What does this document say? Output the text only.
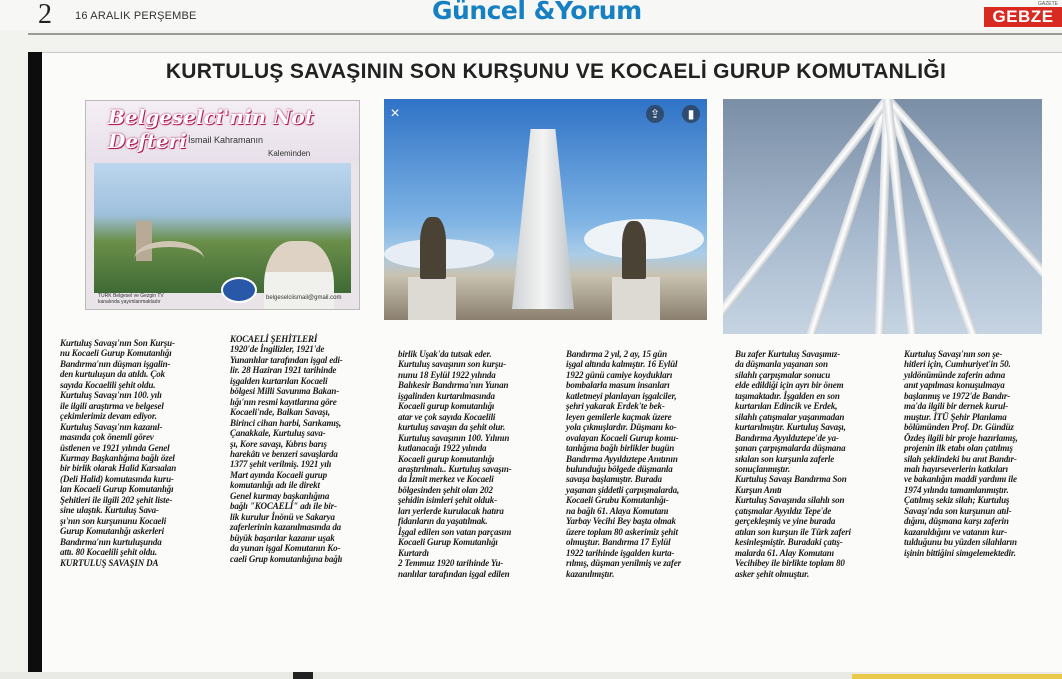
2 16 ARALIK PERŞEMBE	Güncel &Yorum	GAZETE
GEBZE
KURTULUŞ SAVAŞININ SON KURŞUNU VE KOCAELİ GURUP KOMUTANLIĞI
Belgeselci'nin Not Defteri İsmail Kahramanın
Kaleminden
TÜRK Belgesel ve Gezgin TV kanalında yayımlanmaktadır
belgeselciismail@gmail.com
×	⇪	▮
Kurtuluş Savaşı'nın Son Kurşu-
nu Kocaeli Gurup Komutanlığı
Bandırma'nın düşman işgalin-
den kurtuluşun da atıldı. Çok
sayıda Kocaelili şehit oldu.
Kurtuluş Savaşı'nın 100. yılı
ile ilgili araştırma ve belgesel
çekimlerimiz devam ediyor.
Kurtuluş Savaşı'nın kazanıl-
masında çok önemli görev
üstlenen ve 1921 yılında Genel
Kurmay Başkanlığına bağlı özel
bir birlik olarak Halid Karsıalan
(Deli Halid) komutasında kuru-
lan Kocaeli Gurup Komutanlığı
Şehitleri ile ilgili 202 şehit liste-
sine ulaştık. Kurtuluş Sava-
şı'nın son kurşununu Kocaeli
Gurup Komutanlığı askerleri
Bandırma'nın kurtuluşunda
attı. 80 Kocaelili şehit oldu.
KURTULUŞ SAVAŞIN DA
KOCAELİ ŞEHİTLERİ
1920'de İngilizler, 1921'de
Yunanlılar tarafından işgal edi-
lir. 28 Haziran 1921 tarihinde
işgalden kurtarılan Kocaeli
bölgesi Milli Savunma Bakan-
lığı'nın resmi kayıtlarına göre
Kocaeli'nde, Balkan Savaşı,
Birinci cihan harbi, Sarıkamış,
Çanakkale, Kurtuluş sava-
şı, Kore savaşı, Kıbrıs barış
harekâtı ve benzeri savaşlarda
1377 şehit verilmiş. 1921 yılı
Mart ayında Kocaeli gurup
komutanlığı adı ile direkt
Genel kurmay başkanlığına
bağlı "KOCAELİ" adı ile bir-
lik kurulur İnönü ve Sakarya
zaferlerinin kazanılmasında da
büyük başarılar kazanır uşak
da yunan işgal Komutanın Ko-
caeli Grup komutanlığına bağlı
birlik Uşak'da tutsak eder.
Kurtuluş savaşının son kurşu-
nunu 18 Eylül 1922 yılında
Balıkesir Bandırma'nın Yunan
işgalinden kurtarılmasında
Kocaeli gurup komutanlığı
atar ve çok sayıda Kocaelili
kurtuluş savaşın da şehit olur.
Kurtuluş savaşının 100. Yılının
kutlanacağı 1922 yılında
Kocaeli gurup komutanlığı
araştırılmalı.. Kurtuluş savaşın-
da İzmit merkez ve Kocaeli
bölgesinden şehit olan 202
şehidin isimleri şehit olduk-
ları yerlerde kurulacak hatıra
fidanların da yaşatılmak.
İşgal edilen son vatan parçasını
Kocaeli Gurup Komutanlığı
Kurtardı
2 Temmuz 1920 tarihinde Yu-
nanlılar tarafından işgal edilen
Bandırma 2 yıl, 2 ay, 15 gün
işgal altında kalmıştır. 16 Eylül
1922 günü camiye koydukları
bombalarla masum insanları
katletmeyi planlayan işgalciler,
şehri yakarak Erdek'te bek-
leyen gemilerle kaçmak üzere
yola çıkmışlardır. Düşmanı ko-
ovalayan Kocaeli Gurup komu-
tanlığına bağlı birlikler bugün
Bandırma Ayyıldıztepe Anıtının
bulunduğu bölgede düşmanla
savaşa başlamıştır. Burada
yaşanan şiddetli çarpışmalarda,
Kocaeli Grubu Komutanlığı-
na bağlı 61. Alaya Komutanı
Yarbay Vecihi Bey başta olmak
üzere toplam 80 askerimiz şehit
olmuştur. Bandırma 17 Eylül
1922 tarihinde işgalden kurta-
rılmış, düşman yenilmiş ve zafer
kazanılmıştır.
Bu zafer Kurtuluş Savaşımız-
da düşmanla yaşanan son
silahlı çarpışmalar sonucu
elde edildiği için ayrı bir önem
taşımaktadır. İşgalden en son
kurtarılan Edincik ve Erdek,
silahlı çatışmalar yaşanmadan
kurtarılmıştır. Kurtuluş Savaşı,
Bandırma Ayyıldıztepe'de ya-
şanan çarpışmalarda düşmana
sıkılan son kurşunla zaferle
sonuçlanmıştır.
Kurtuluş Savaşı Bandırma Son
Kurşun Anıtı
Kurtuluş Savaşında silahlı son
çatışmalar Ayyıldız Tepe'de
gerçekleşmiş ve yine burada
atılan son kurşun ile Türk zaferi
kesinleşmiştir. Buradaki çatış-
malarda 61. Alay Komutanı
Vecihibey ile birlikte toplam 80
asker şehit olmuştur.
Kurtuluş Savaşı'nın son şe-
hitleri için, Cumhuriyet'in 50.
yıldönümünde zaferin adına
anıt yapılması konuşulmaya
başlanmış ve 1972'de Bandır-
ma'da ilgili bir dernek kurul-
muştur. İTÜ Şehir Planlama
bölümünden Prof. Dr. Gündüz
Özdeş ilgili bir proje hazırlamış,
projenin ilk etabı olan çatılmış
silah şeklindeki bu anıt Bandır-
malı hayırseverlerin katkıları
ve bakanlığın maddi yardımı ile
1974 yılında tamamlanmıştır.
Çatılmış sekiz silah; Kurtuluş
Savaşı'nda son kurşunun atıl-
dığını, düşmana karşı zaferin
kazanıldığını ve vatanın kur-
tulduğunu bu yüzden silahların
işinin bittiğini simgelemektedir.
